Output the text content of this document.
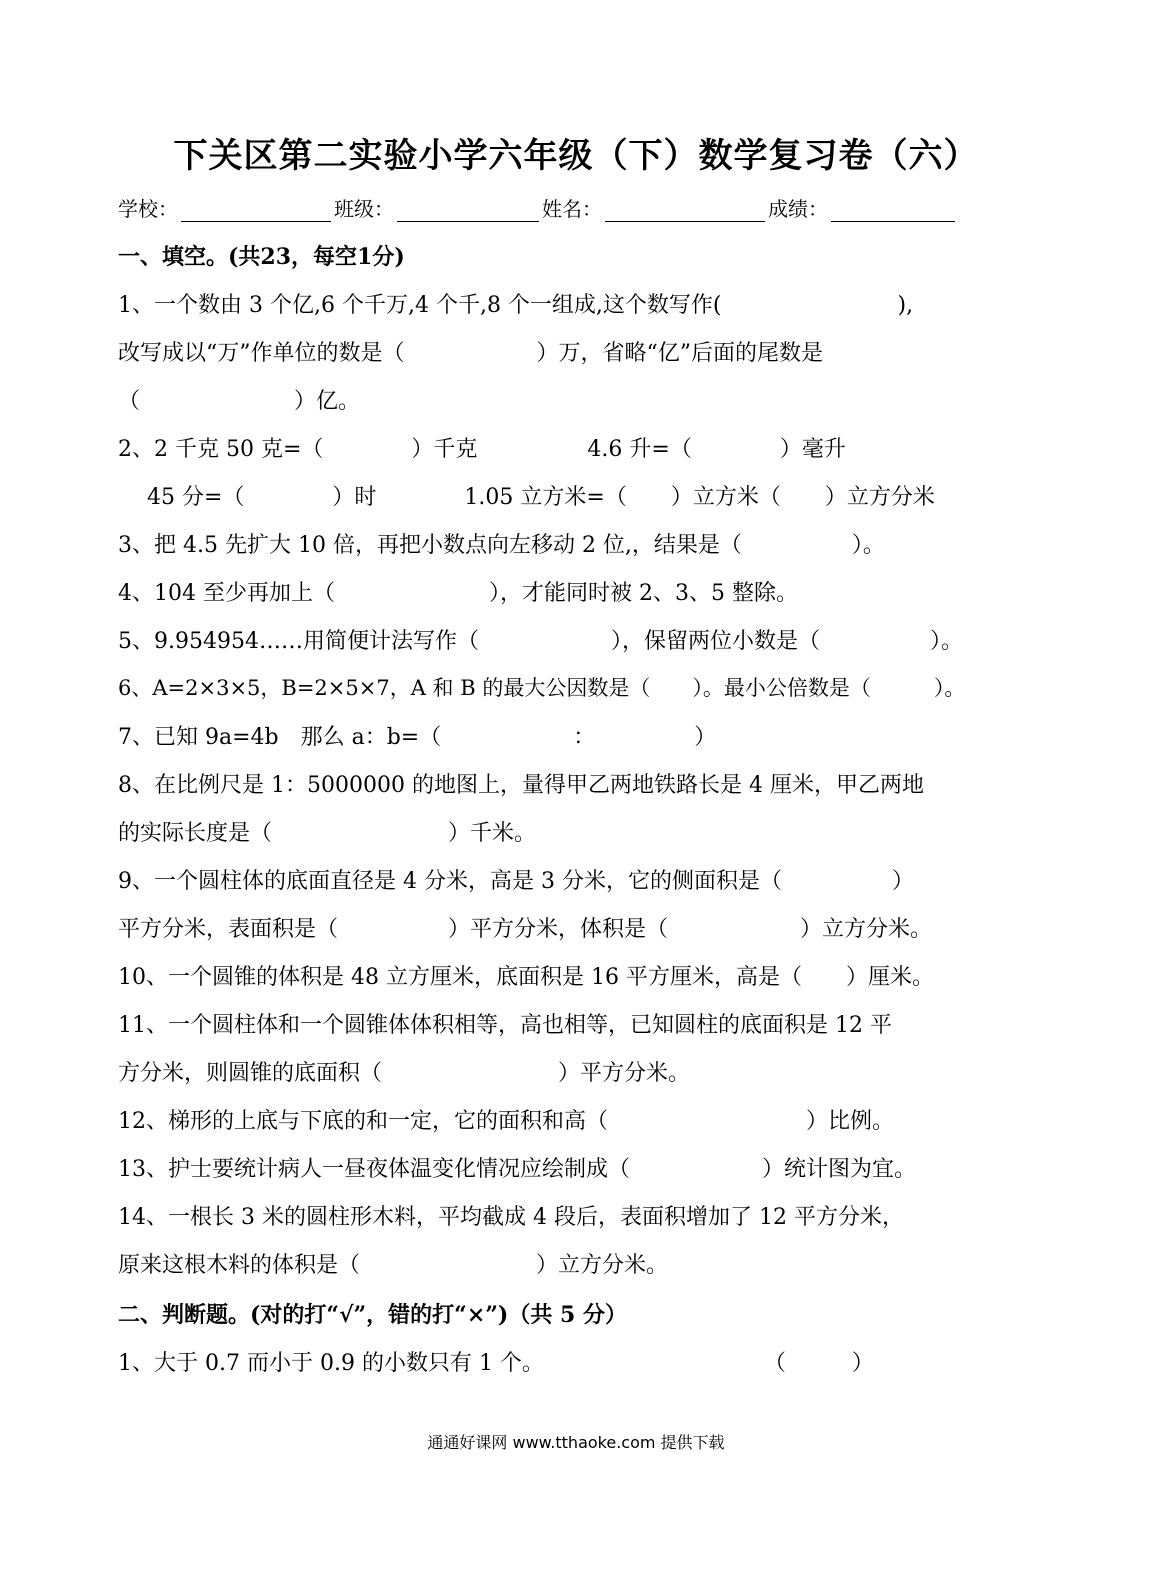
下关区第二实验小学六年级（下）数学复习卷（六）
学校：	班级：	姓名：	成绩：
一、填空。(共23，每空1分)
1、一个数由 3 个亿,6 个千万,4 个千,8 个一组成,这个数写作(　　　　　　　　),
改写成以“万”作单位的数是（　　　　　　）万，省略“亿”后面的尾数是
（　　　　　　　）亿。
2、2 千克 50 克=（　　　　）千克　　　　　4.6 升=（　　　　）毫升
　 45 分=（　　　　）时　　　　1.05 立方米=（　　）立方米（　　）立方分米
3、把 4.5 先扩大 10 倍，再把小数点向左移动 2 位,，结果是（　　　　　）。
4、104 至少再加上（　　　　　　　），才能同时被 2、3、5 整除。
5、9.954954……用简便计法写作（　　　　　　），保留两位小数是（　　　　　）。
6、A=2×3×5，B=2×5×7，A 和 B 的最大公因数是（　　）。最小公倍数是（　　　）。
7、已知 9a=4b　那么 a：b=（　　　　　　：　　　　　）
8、在比例尺是 1：5000000 的地图上，量得甲乙两地铁路长是 4 厘米，甲乙两地
的实际长度是（　　　　　　　　）千米。
9、一个圆柱体的底面直径是 4 分米，高是 3 分米，它的侧面积是（　　　　　）
平方分米，表面积是（　　　　　）平方分米，体积是（　　　　　　）立方分米。
10、一个圆锥的体积是 48 立方厘米，底面积是 16 平方厘米，高是（　　）厘米。
11、一个圆柱体和一个圆锥体体积相等，高也相等，已知圆柱的底面积是 12 平
方分米，则圆锥的底面积（　　　　　　　　）平方分米。
12、梯形的上底与下底的和一定，它的面积和高（　　　　　　　　　）比例。
13、护士要统计病人一昼夜体温变化情况应绘制成（　　　　　　）统计图为宜。
14、一根长 3 米的圆柱形木料，平均截成 4 段后，表面积增加了 12 平方分米，
原来这根木料的体积是（　　　　　　　　）立方分米。
二、判断题。(对的打“√”，错的打“×”)（共 5 分）
1、大于 0.7 而小于 0.9 的小数只有 1 个。　　　　　　　　　　　（　　　）
通通好课网 www.tthaoke.com 提供下载
